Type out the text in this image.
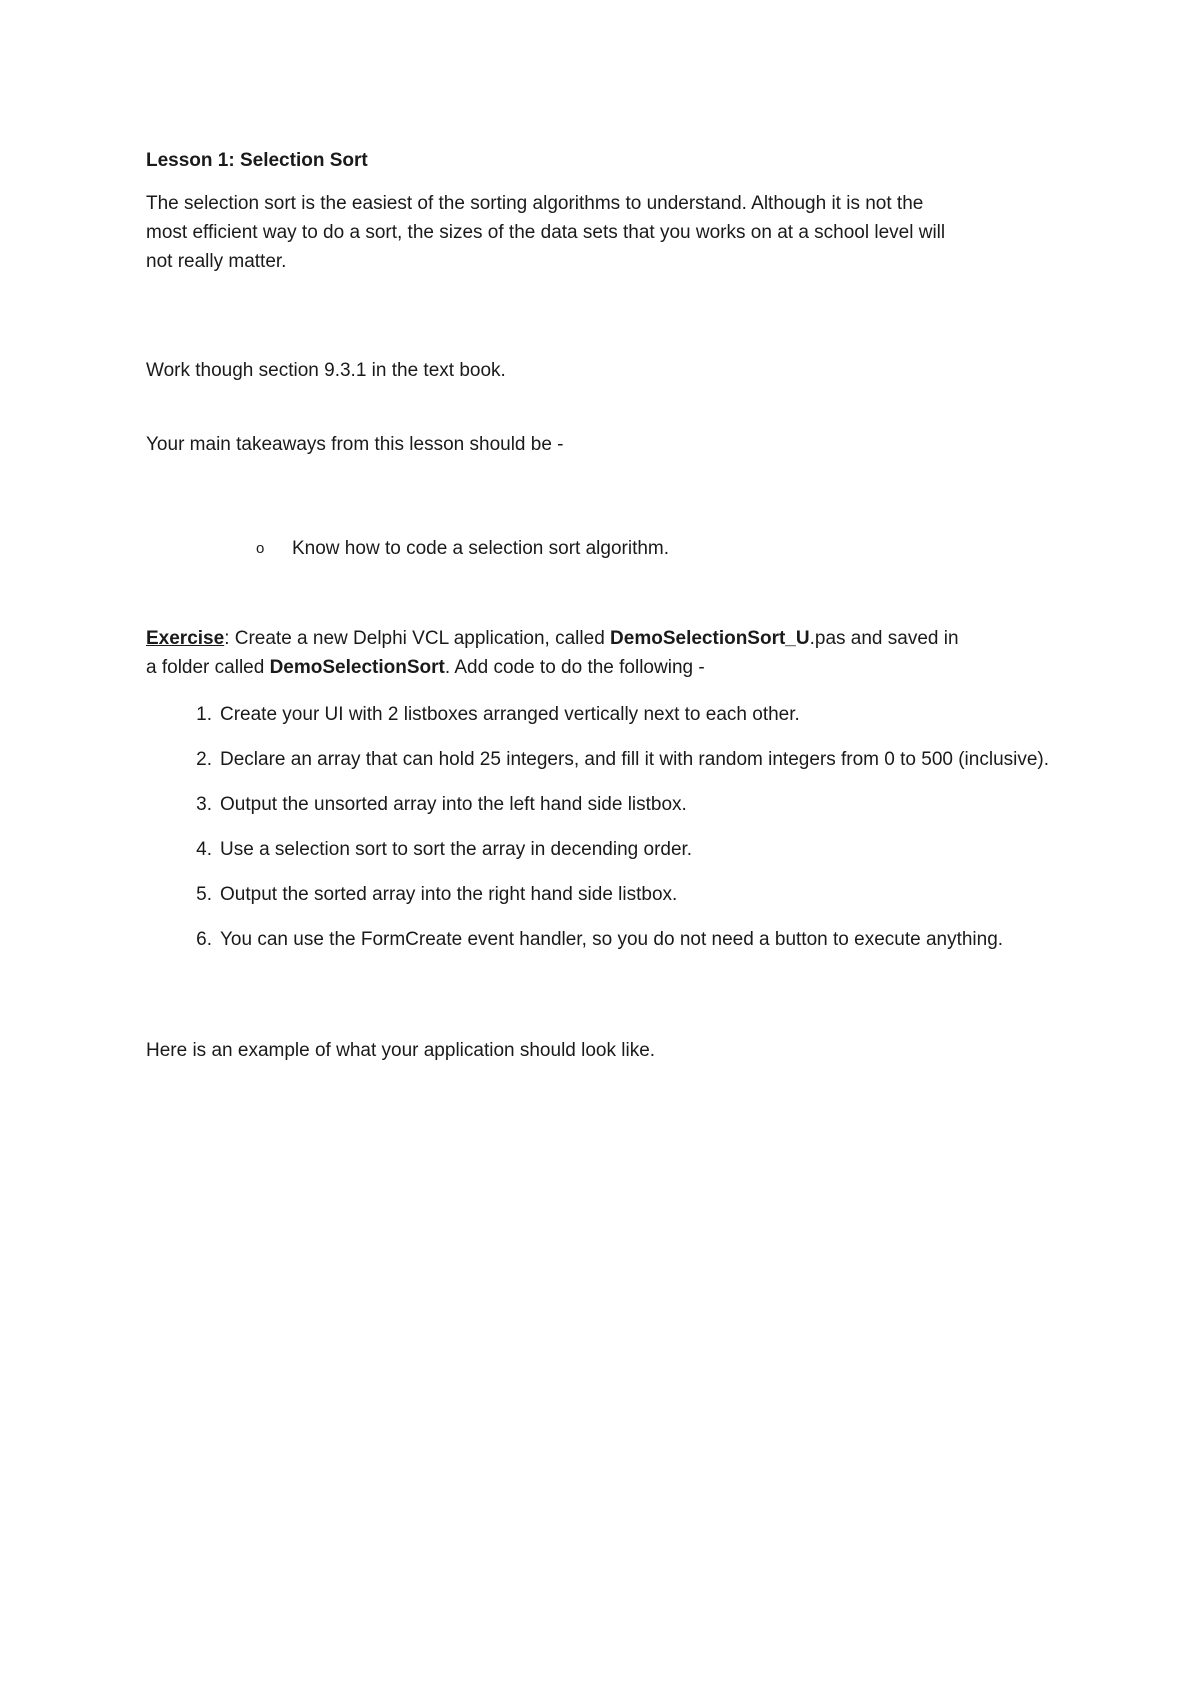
Lesson 1: Selection Sort
The selection sort is the easiest of the sorting algorithms to understand. Although it is not the
most efficient way to do a sort, the sizes of the data sets that you works on at a school level will
not really matter.
Work though section 9.3.1 in the text book.
Your main takeaways from this lesson should be -
o Know how to code a selection sort algorithm.
Exercise: Create a new Delphi VCL application, called DemoSelectionSort_U.pas and saved in
a folder called DemoSelectionSort. Add code to do the following -
1. Create your UI with 2 listboxes arranged vertically next to each other.
2. Declare an array that can hold 25 integers, and fill it with random integers from 0 to 500 (inclusive).
3. Output the unsorted array into the left hand side listbox.
4. Use a selection sort to sort the array in decending order.
5. Output the sorted array into the right hand side listbox.
6. You can use the FormCreate event handler, so you do not need a button to execute anything.
Here is an example of what your application should look like.
